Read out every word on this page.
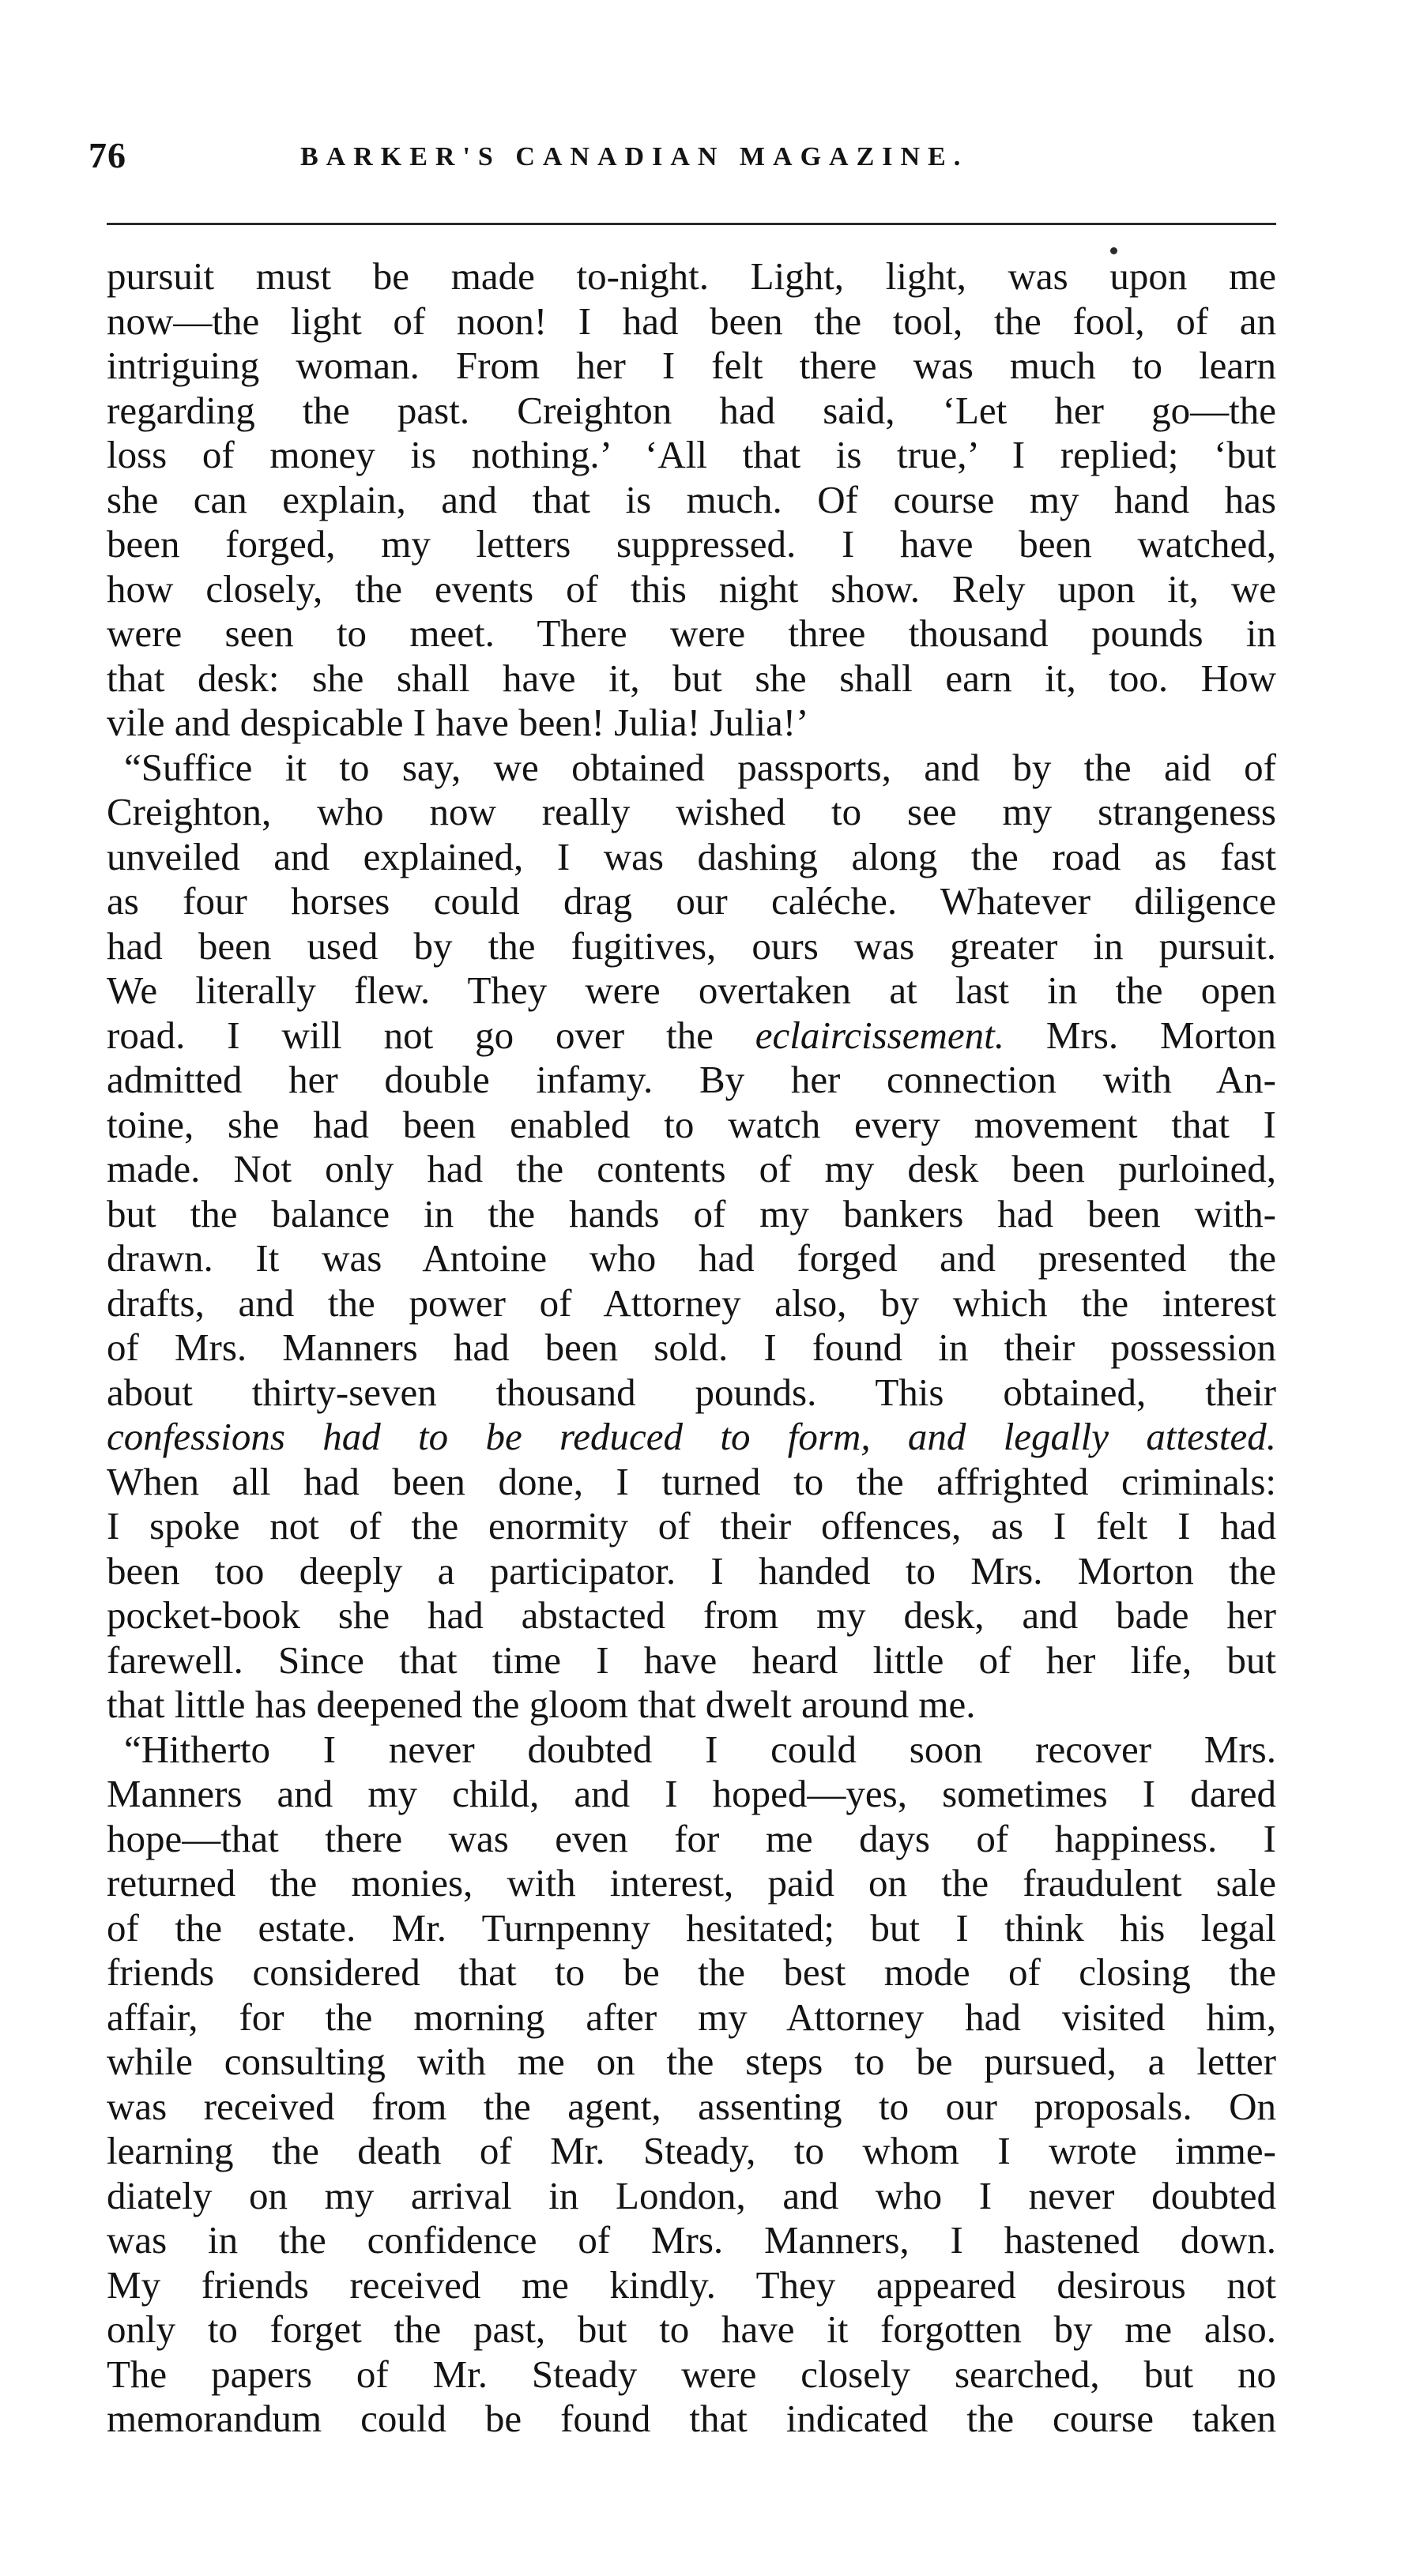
76	BARKER'S CANADIAN MAGAZINE.
pursuit must be made to-night. Light, light, was upon me
now—the light of noon! I had been the tool, the fool, of an
intriguing woman. From her I felt there was much to learn
regarding the past. Creighton had said, ‘Let her go—the
loss of money is nothing.’ ‘All that is true,’ I replied; ‘but
she can explain, and that is much. Of course my hand has
been forged, my letters suppressed. I have been watched,
how closely, the events of this night show. Rely upon it, we
were seen to meet. There were three thousand pounds in
that desk: she shall have it, but she shall earn it, too. How
vile and despicable I have been! Julia! Julia!’
“Suffice it to say, we obtained passports, and by the aid of
Creighton, who now really wished to see my strangeness
unveiled and explained, I was dashing along the road as fast
as four horses could drag our caléche. Whatever diligence
had been used by the fugitives, ours was greater in pursuit.
We literally flew. They were overtaken at last in the open
road. I will not go over the eclaircissement. Mrs. Morton
admitted her double infamy. By her connection with An-
toine, she had been enabled to watch every movement that I
made. Not only had the contents of my desk been purloined,
but the balance in the hands of my bankers had been with-
drawn. It was Antoine who had forged and presented the
drafts, and the power of Attorney also, by which the interest
of Mrs. Manners had been sold. I found in their possession
about thirty-seven thousand pounds. This obtained, their
confessions had to be reduced to form, and legally attested.
When all had been done, I turned to the affrighted criminals:
I spoke not of the enormity of their offences, as I felt I had
been too deeply a participator. I handed to Mrs. Morton the
pocket-book she had abstacted from my desk, and bade her
farewell. Since that time I have heard little of her life, but
that little has deepened the gloom that dwelt around me.
“Hitherto I never doubted I could soon recover Mrs.
Manners and my child, and I hoped—yes, sometimes I dared
hope—that there was even for me days of happiness. I
returned the monies, with interest, paid on the fraudulent sale
of the estate. Mr. Turnpenny hesitated; but I think his legal
friends considered that to be the best mode of closing the
affair, for the morning after my Attorney had visited him,
while consulting with me on the steps to be pursued, a letter
was received from the agent, assenting to our proposals. On
learning the death of Mr. Steady, to whom I wrote imme-
diately on my arrival in London, and who I never doubted
was in the confidence of Mrs. Manners, I hastened down.
My friends received me kindly. They appeared desirous not
only to forget the past, but to have it forgotten by me also.
The papers of Mr. Steady were closely searched, but no
memorandum could be found that indicated the course taken
